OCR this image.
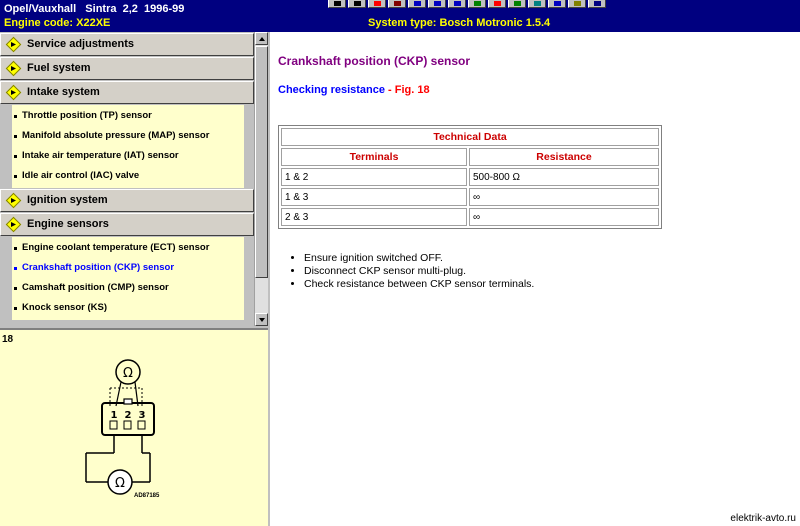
Opel/Vauxhall   Sintra  2,2  1996-99
Engine code: X22XE	System type: Bosch Motronic 1.5.4
Service adjustments
Fuel system
Intake system
Throttle position (TP) sensor
Manifold absolute pressure (MAP) sensor
Intake air temperature (IAT) sensor
Idle air control (IAC) valve
Ignition system
Engine sensors
Engine coolant temperature (ECT) sensor
Crankshaft position (CKP) sensor
Camshaft position (CMP) sensor
Knock sensor (KS)
18
Ω
1 2 3
Ω
AD87185
Crankshaft position (CKP) sensor
Checking resistance - Fig. 18
Technical Data	
Terminals	Resistance
1 & 2	500-800 Ω
1 & 3	∞
2 & 3	∞
• Ensure ignition switched OFF.
• Disconnect CKP sensor multi-plug.
• Check resistance between CKP sensor terminals.
elektrik-avto.ru
